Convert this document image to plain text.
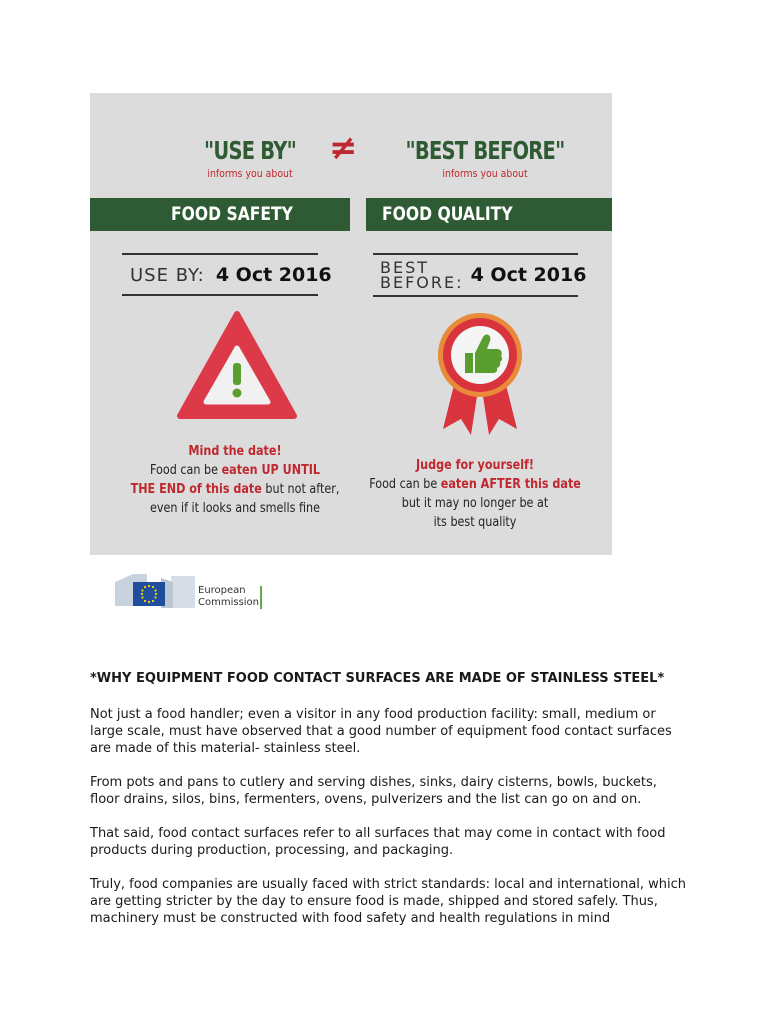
"USE BY"
informs you about
≠ "BEST BEFORE"
informs you about
FOOD SAFETY	FOOD QUALITY
USE BY: 4 Oct 2016	BEST
BEFORE: 4 Oct 2016
Mind the date!
Food can be eaten UP UNTIL
THE END of this date but not after,
even if it looks and smells fine
Judge for yourself!
Food can be eaten AFTER this date
but it may no longer be at
its best quality
European
Commission
*WHY EQUIPMENT FOOD CONTACT SURFACES ARE MADE OF STAINLESS STEEL*

Not just a food handler; even a visitor in any food production facility: small, medium or large scale, must have observed that a good number of equipment food contact surfaces are made of this material- stainless steel.

From pots and pans to cutlery and serving dishes, sinks, dairy cisterns, bowls, buckets, floor drains, silos, bins, fermenters, ovens, pulverizers and the list can go on and on.

That said, food contact surfaces refer to all surfaces that may come in contact with food products during production, processing, and packaging.

Truly, food companies are usually faced with strict standards: local and international, which are getting stricter by the day to ensure food is made, shipped and stored safely. Thus, machinery must be constructed with food safety and health regulations in mind
